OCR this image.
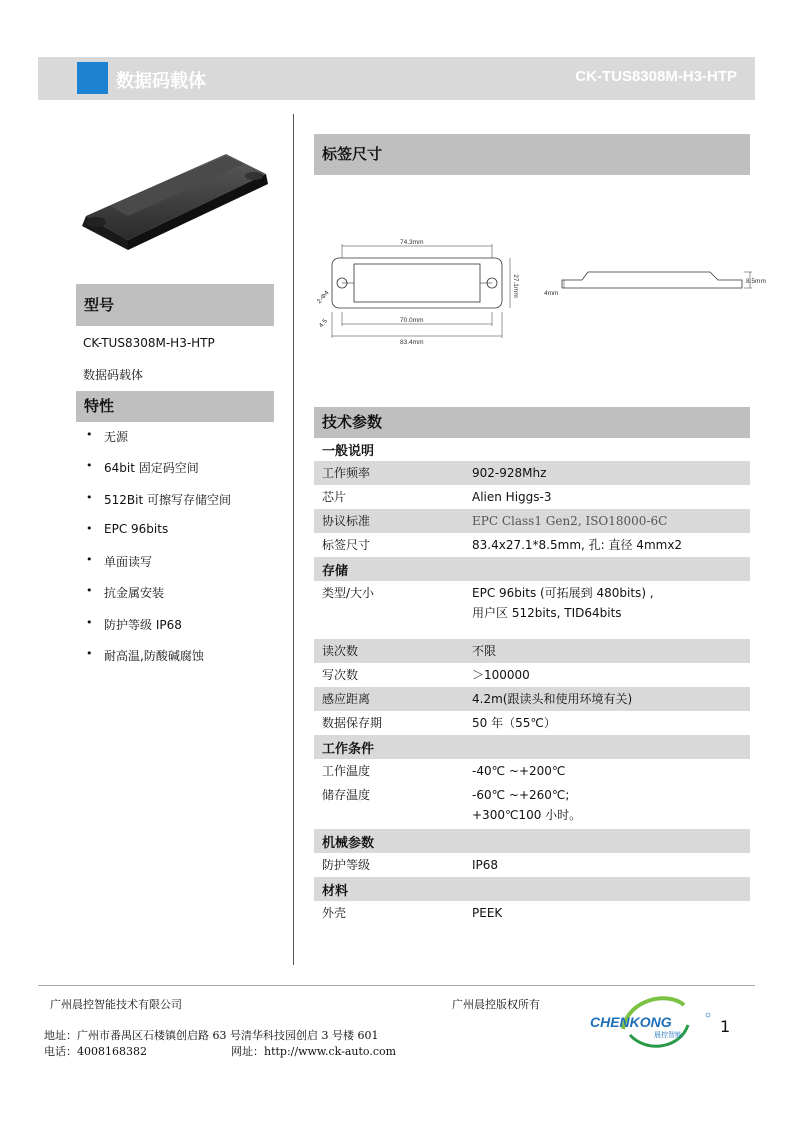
数据码载体	CK-TUS8308M-H3-HTP
型号
CK-TUS8308M-H3-HTP
数据码载体
特性
• 无源
• 64bit 固定码空间
• 512Bit 可擦写存储空间
• EPC 96bits
• 单面读写
• 抗金属安装
• 防护等级 IP68
• 耐高温,防酸碱腐蚀
标签尺寸
74.3mm
27.1mm
70.0mm
83.4mm
2-Φ4
4.5
8.5mm
4mm
技术参数
一般说明
工作频率	902-928Mhz
芯片	Alien Higgs-3
协议标准	EPC Class1 Gen2, ISO18000-6C
标签尺寸	83.4x27.1*8.5mm, 孔: 直径 4mmx2
存储
类型/大小	EPC 96bits (可拓展到 480bits) ,
用户区 512bits, TID64bits
读次数	不限
写次数	＞100000
感应距离	4.2m(跟读头和使用环境有关)
数据保存期	50 年（55℃）
工作条件
工作温度	-40℃ ~+200℃
储存温度	-60℃ ~+260℃;
+300℃100 小时。
机械参数
防护等级	IP68
材料
外壳	PEEK
广州晨控智能技术有限公司	广州晨控版权所有
地址：广州市番禺区石楼镇创启路 63 号清华科技园创启 3 号楼 601
电话：4008168382	网址：http://www.ck-auto.com
CHENKONG
晨控智能 1
